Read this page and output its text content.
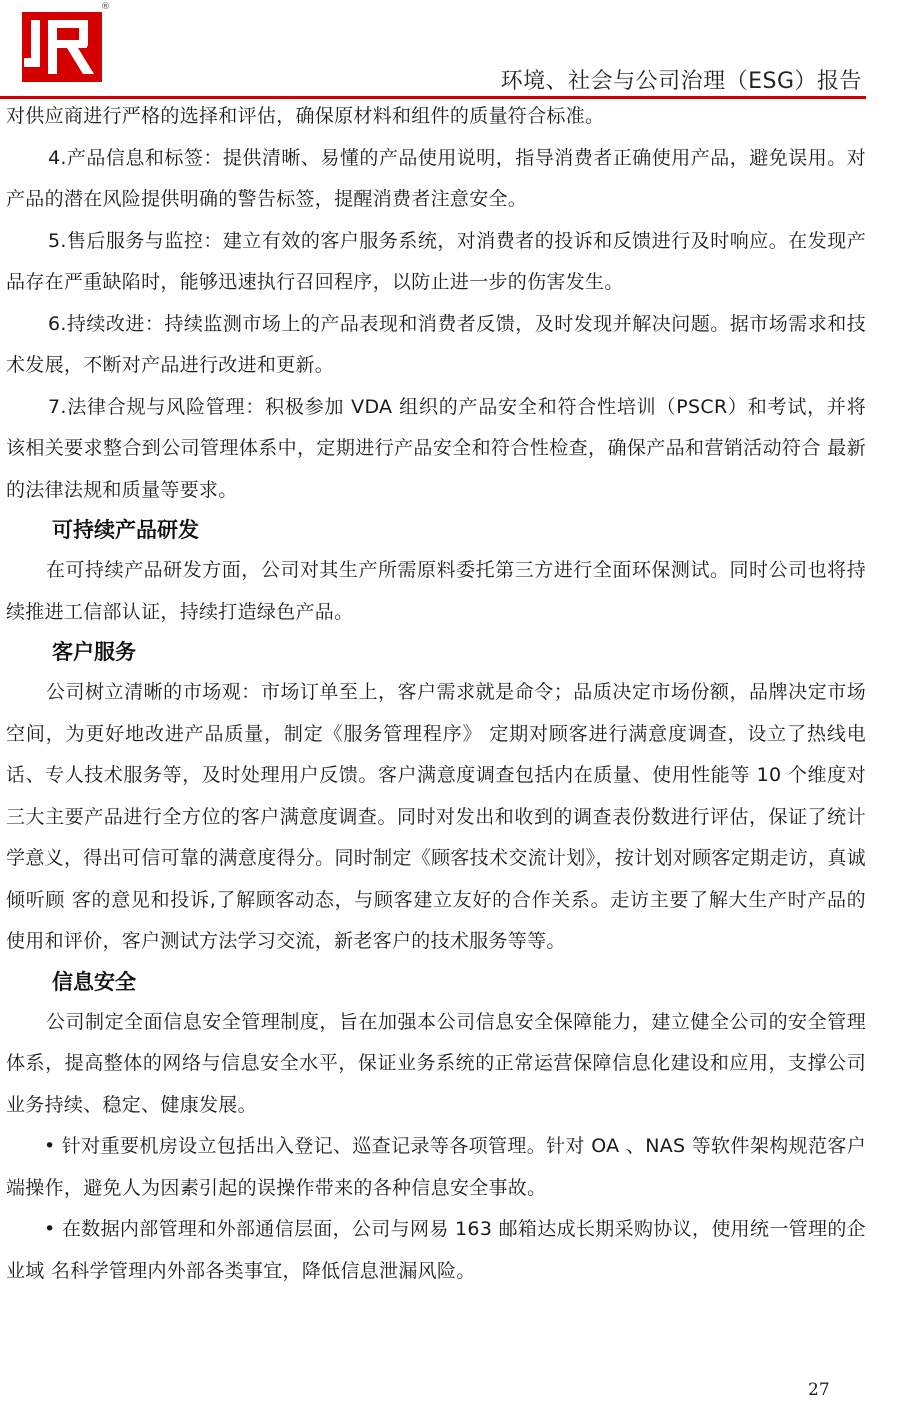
®
环境、社会与公司治理（ESG）报告

对供应商进行严格的选择和评估，确保原材料和组件的质量符合标准。

4.产品信息和标签：提供清晰、易懂的产品使用说明，指导消费者正确使用产品，避免误用。对产品的潜在风险提供明确的警告标签，提醒消费者注意安全。

5.售后服务与监控：建立有效的客户服务系统，对消费者的投诉和反馈进行及时响应。在发现产品存在严重缺陷时，能够迅速执行召回程序，以防止进一步的伤害发生。

6.持续改进：持续监测市场上的产品表现和消费者反馈，及时发现并解决问题。据市场需求和技术发展，不断对产品进行改进和更新。

7.法律合规与风险管理：积极参加 VDA 组织的产品安全和符合性培训（PSCR）和考试，并将该相关要求整合到公司管理体系中，定期进行产品安全和符合性检查，确保产品和营销活动符合 最新的法律法规和质量等要求。

可持续产品研发

在可持续产品研发方面，公司对其生产所需原料委托第三方进行全面环保测试。同时公司也将持续推进工信部认证，持续打造绿色产品。

客户服务

公司树立清晰的市场观：市场订单至上，客户需求就是命令；品质决定市场份额，品牌决定市场空间，为更好地改进产品质量，制定《服务管理程序》 定期对顾客进行满意度调查，设立了热线电话、专人技术服务等，及时处理用户反馈。客户满意度调查包括内在质量、使用性能等 10 个维度对三大主要产品进行全方位的客户满意度调查。同时对发出和收到的调查表份数进行评估，保证了统计学意义，得出可信可靠的满意度得分。同时制定《顾客技术交流计划》，按计划对顾客定期走访，真诚倾听顾 客的意见和投诉,了解顾客动态，与顾客建立友好的合作关系。走访主要了解大生产时产品的使用和评价，客户测试方法学习交流，新老客户的技术服务等等。

信息安全

公司制定全面信息安全管理制度，旨在加强本公司信息安全保障能力，建立健全公司的安全管理体系，提高整体的网络与信息安全水平，保证业务系统的正常运营保障信息化建设和应用，支撑公司业务持续、稳定、健康发展。

• 针对重要机房设立包括出入登记、巡查记录等各项管理。针对 OA 、NAS 等软件架构规范客户端操作，避免人为因素引起的误操作带来的各种信息安全事故。

• 在数据内部管理和外部通信层面，公司与网易 163 邮箱达成长期采购协议，使用统一管理的企业域 名科学管理内外部各类事宜，降低信息泄漏风险。

27
